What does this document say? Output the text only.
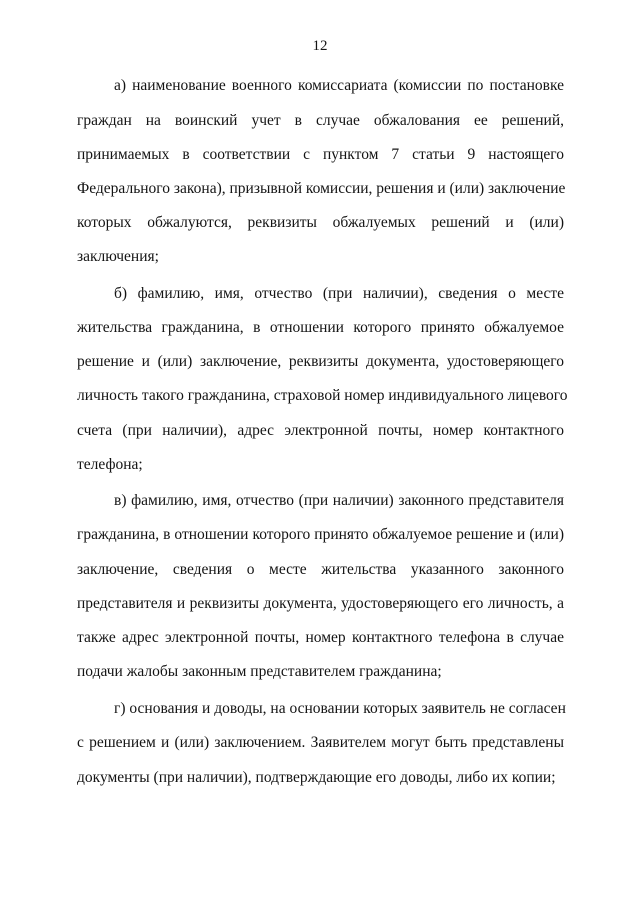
12
а) наименование военного комиссариата (комиссии по постановке
граждан на воинский учет в случае обжалования ее решений,
принимаемых в соответствии с пунктом 7 статьи 9 настоящего
Федерального закона), призывной комиссии, решения и (или) заключение
которых обжалуются, реквизиты обжалуемых решений и (или)
заключения;
б) фамилию, имя, отчество (при наличии), сведения о месте
жительства гражданина, в отношении которого принято обжалуемое
решение и (или) заключение, реквизиты документа, удостоверяющего
личность такого гражданина, страховой номер индивидуального лицевого
счета (при наличии), адрес электронной почты, номер контактного
телефона;
в) фамилию, имя, отчество (при наличии) законного представителя
гражданина, в отношении которого принято обжалуемое решение и (или)
заключение, сведения о месте жительства указанного законного
представителя и реквизиты документа, удостоверяющего его личность, а
также адрес электронной почты, номер контактного телефона в случае
подачи жалобы законным представителем гражданина;
г) основания и доводы, на основании которых заявитель не согласен
с решением и (или) заключением. Заявителем могут быть представлены
документы (при наличии), подтверждающие его доводы, либо их копии;
